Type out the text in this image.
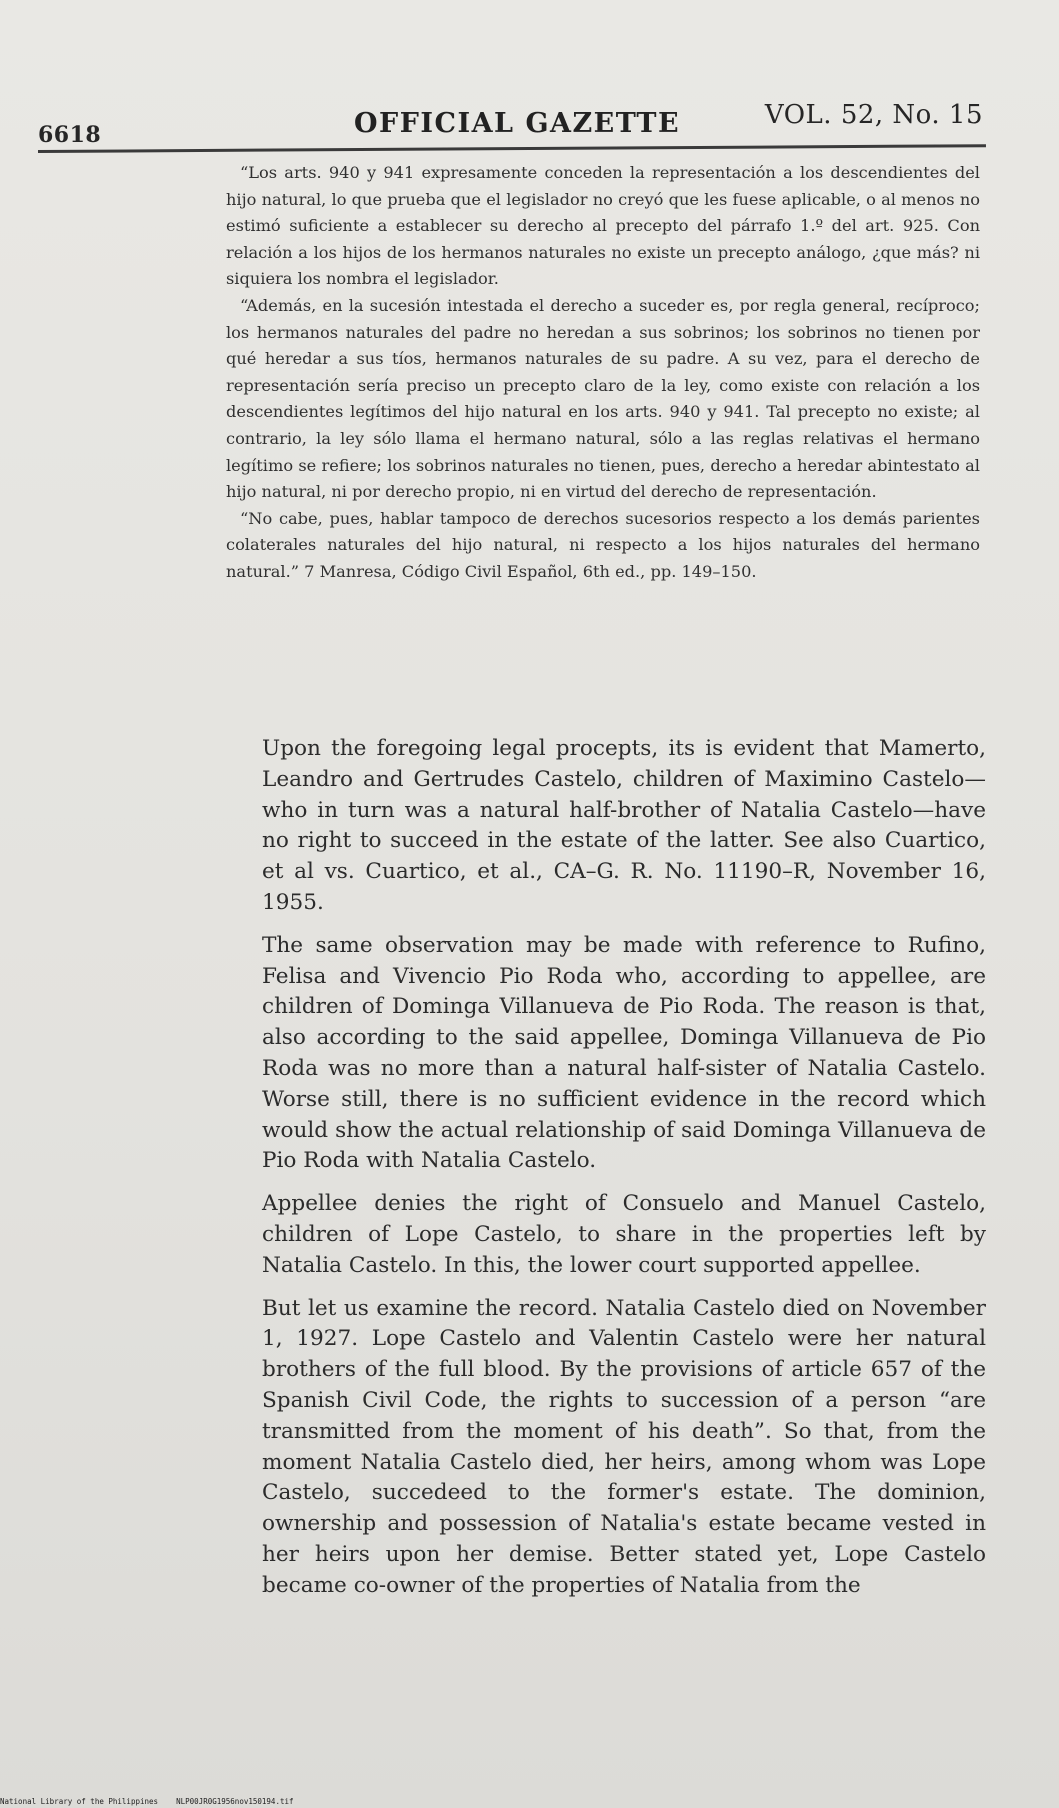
6618	OFFICIAL GAZETTE	VOL. 52, No. 15

“Los arts. 940 y 941 expresamente conceden la representación a los descendientes del hijo natural, lo que prueba que el legislador no creyó que les fuese aplicable, o al menos no estimó suficiente a establecer su derecho al precepto del párrafo 1.º del art. 925. Con relación a los hijos de los hermanos naturales no existe un precepto análogo, ¿que más? ni siquiera los nombra el legislador.

“Además, en la sucesión intestada el derecho a suceder es, por regla general, recíproco; los hermanos naturales del padre no heredan a sus sobrinos; los sobrinos no tienen por qué heredar a sus tíos, hermanos naturales de su padre. A su vez, para el derecho de representación sería preciso un precepto claro de la ley, como existe con relación a los descendientes legítimos del hijo natural en los arts. 940 y 941. Tal precepto no existe; al contrario, la ley sólo llama el hermano natural, sólo a las reglas relativas el hermano legítimo se refiere; los sobrinos naturales no tienen, pues, derecho a heredar abintestato al hijo natural, ni por derecho propio, ni en virtud del derecho de representación.

“No cabe, pues, hablar tampoco de derechos sucesorios respecto a los demás parientes colaterales naturales del hijo natural, ni respecto a los hijos naturales del hermano natural.” 7 Manresa, Código Civil Español, 6th ed., pp. 149–150.

Upon the foregoing legal procepts, its is evident that Mamerto, Leandro and Gertrudes Castelo, children of Maximino Castelo—who in turn was a natural half-brother of Natalia Castelo—have no right to succeed in the estate of the latter. See also Cuartico, et al vs. Cuartico, et al., CA–G. R. No. 11190–R, November 16, 1955.

The same observation may be made with reference to Rufino, Felisa and Vivencio Pio Roda who, according to appellee, are children of Dominga Villanueva de Pio Roda. The reason is that, also according to the said appellee, Dominga Villanueva de Pio Roda was no more than a natural half-sister of Natalia Castelo. Worse still, there is no sufficient evidence in the record which would show the actual relationship of said Dominga Villanueva de Pio Roda with Natalia Castelo.

Appellee denies the right of Consuelo and Manuel Castelo, children of Lope Castelo, to share in the properties left by Natalia Castelo. In this, the lower court supported appellee.

But let us examine the record. Natalia Castelo died on November 1, 1927. Lope Castelo and Valentin Castelo were her natural brothers of the full blood. By the provisions of article 657 of the Spanish Civil Code, the rights to succession of a person “are transmitted from the moment of his death”. So that, from the moment Natalia Castelo died, her heirs, among whom was Lope Castelo, succedeed to the former's estate. The dominion, ownership and possession of Natalia's estate became vested in her heirs upon her demise. Better stated yet, Lope Castelo became co-owner of the properties of Natalia from the

National Library of the Philippines    NLP00JR0G1956nov150194.tif
